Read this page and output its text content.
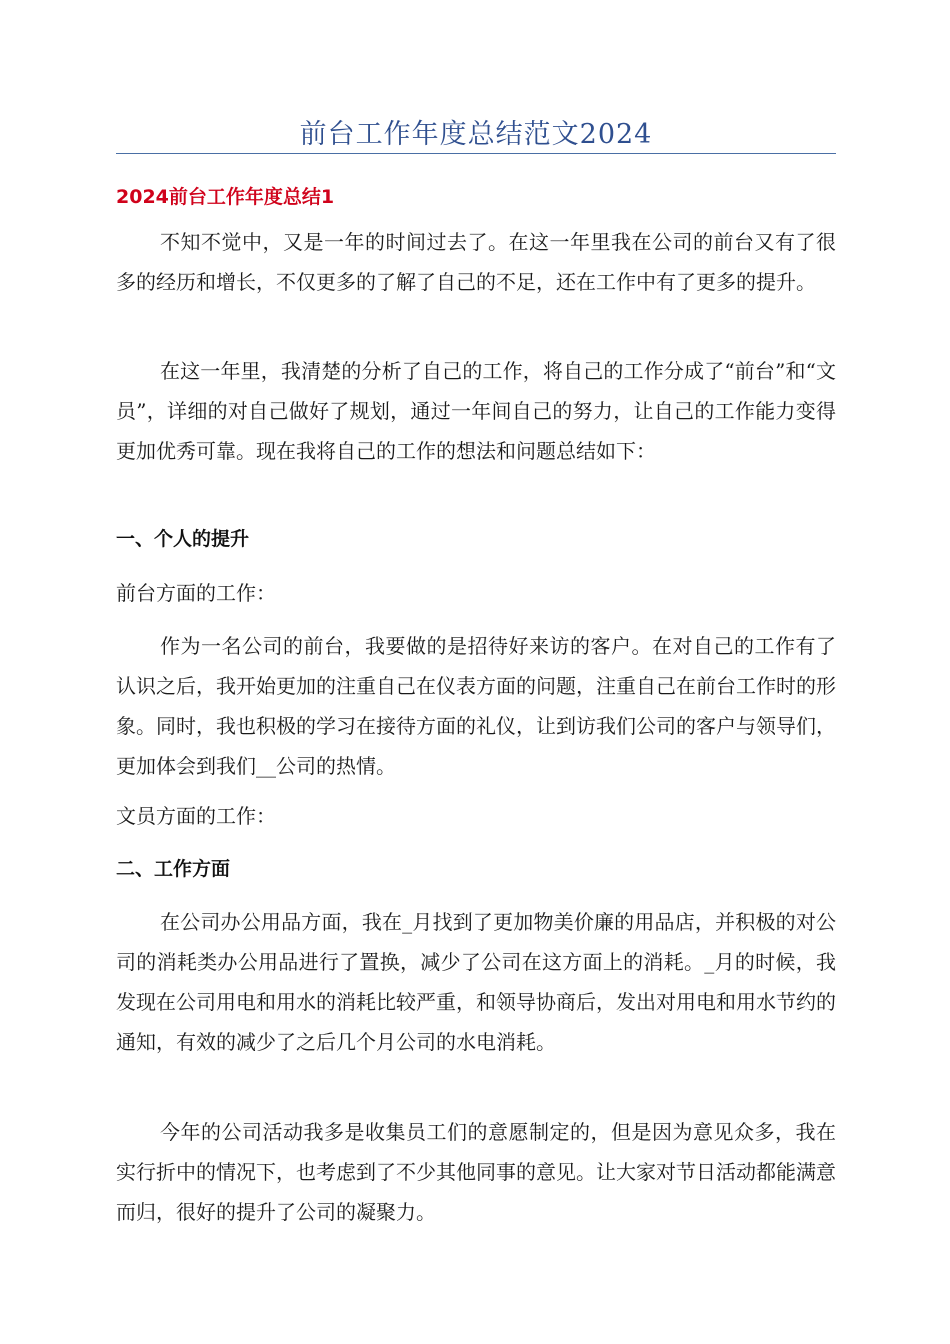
前台工作年度总结范文2024
2024前台工作年度总结1

不知不觉中，又是一年的时间过去了。在这一年里我在公司的前台又有了很多的经历和增长，不仅更多的了解了自己的不足，还在工作中有了更多的提升。

在这一年里，我清楚的分析了自己的工作，将自己的工作分成了“前台”和“文员”，详细的对自己做好了规划，通过一年间自己的努力，让自己的工作能力变得更加优秀可靠。现在我将自己的工作的想法和问题总结如下：

一、个人的提升
前台方面的工作：

作为一名公司的前台，我要做的是招待好来访的客户。在对自己的工作有了认识之后，我开始更加的注重自己在仪表方面的问题，注重自己在前台工作时的形象。同时，我也积极的学习在接待方面的礼仪，让到访我们公司的客户与领导们，更加体会到我们__公司的热情。

文员方面的工作：
二、工作方面

在公司办公用品方面，我在_月找到了更加物美价廉的用品店，并积极的对公司的消耗类办公用品进行了置换，减少了公司在这方面上的消耗。_月的时候，我发现在公司用电和用水的消耗比较严重，和领导协商后，发出对用电和用水节约的通知，有效的减少了之后几个月公司的水电消耗。

今年的公司活动我多是收集员工们的意愿制定的，但是因为意见众多，我在实行折中的情况下，也考虑到了不少其他同事的意见。让大家对节日活动都能满意而归，很好的提升了公司的凝聚力。
